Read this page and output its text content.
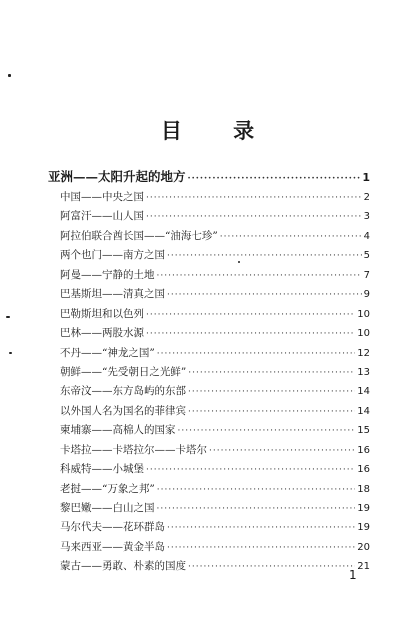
目 录
亚洲——太阳升起的地方 ·····	1
中国——中央之国 ·····	2
阿富汗——山人国 ·····	3
阿拉伯联合酋长国——“油海七珍” ·····	4
两个也门——南方之国 ·····	5
阿曼——宁静的土地 ·····	7
巴基斯坦——清真之国 ·····	9
巴勒斯坦和以色列 ·····	10
巴林——两股水源 ·····	10
不丹——“神龙之国” ·····	12
朝鲜——“先受朝日之光鲜” ·····	13
东帝汶——东方岛屿的东部 ·····	14
以外国人名为国名的菲律宾 ·····	14
柬埔寨——高棉人的国家 ·····	15
卡塔拉——卡塔拉尔——卡塔尔 ·····	16
科威特——小城堡 ·····	16
老挝——“万象之邦” ·····	18
黎巴嫩——白山之国 ·····	19
马尔代夫——花环群岛 ·····	19
马来西亚——黄金半岛 ·····	20
蒙古——勇敢、朴素的国度 ·····	21
1
